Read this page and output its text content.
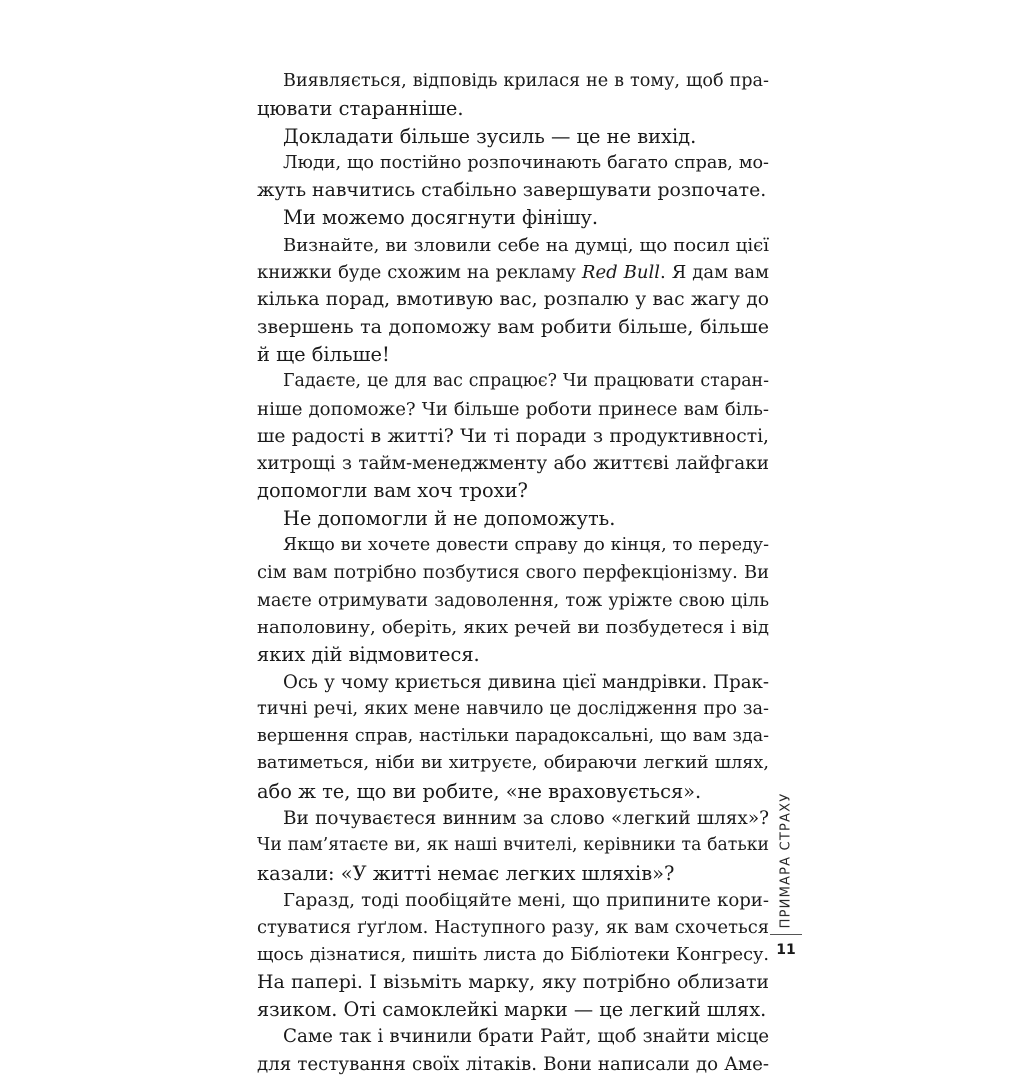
Виявляється, відповідь крилася не в тому, щоб пра-
цювати старанніше.
Докладати більше зусиль — це не вихід.
Люди, що постійно розпочинають багато справ, мо-
жуть навчитись стабільно завершувати розпочате.
Ми можемо досягнути фінішу.
Визнайте, ви зловили себе на думці, що посил цієї
книжки буде схожим на рекламу Red Bull. Я дам вам
кілька порад, вмотивую вас, розпалю у вас жагу до
звершень та допоможу вам робити більше, більше
й ще більше!
Гадаєте, це для вас спрацює? Чи працювати старан-
ніше допоможе? Чи більше роботи принесе вам біль-
ше радості в житті? Чи ті поради з продуктивності,
хитрощі з тайм-менеджменту або життєві лайфгаки
допомогли вам хоч трохи?
Не допомогли й не допоможуть.
Якщо ви хочете довести справу до кінця, то переду-
сім вам потрібно позбутися свого перфекціонізму. Ви
маєте отримувати задоволення, тож уріжте свою ціль
наполовину, оберіть, яких речей ви позбудетеся і від
яких дій відмовитеся.
Ось у чому криється дивина цієї мандрівки. Прак-
тичні речі, яких мене навчило це дослідження про за-
вершення справ, настільки парадоксальні, що вам зда-
ватиметься, ніби ви хитруєте, обираючи легкий шлях,
або ж те, що ви робите, «не враховується».
Ви почуваєтеся винним за слово «легкий шлях»?
Чи пам’ятаєте ви, як наші вчителі, керівники та батьки
казали: «У житті немає легких шляхів»?
Гаразд, тоді пообіцяйте мені, що припините кори-
стуватися ґуґлом. Наступного разу, як вам схочеться
щось дізнатися, пишіть листа до Бібліотеки Конгресу.
На папері. І візьміть марку, яку потрібно облизати
язиком. Оті самоклейкі марки — це легкий шлях.
Саме так і вчинили брати Райт, щоб знайти місце
для тестування своїх літаків. Вони написали до Аме-
ПРИМАРА СТРАХУ
11
